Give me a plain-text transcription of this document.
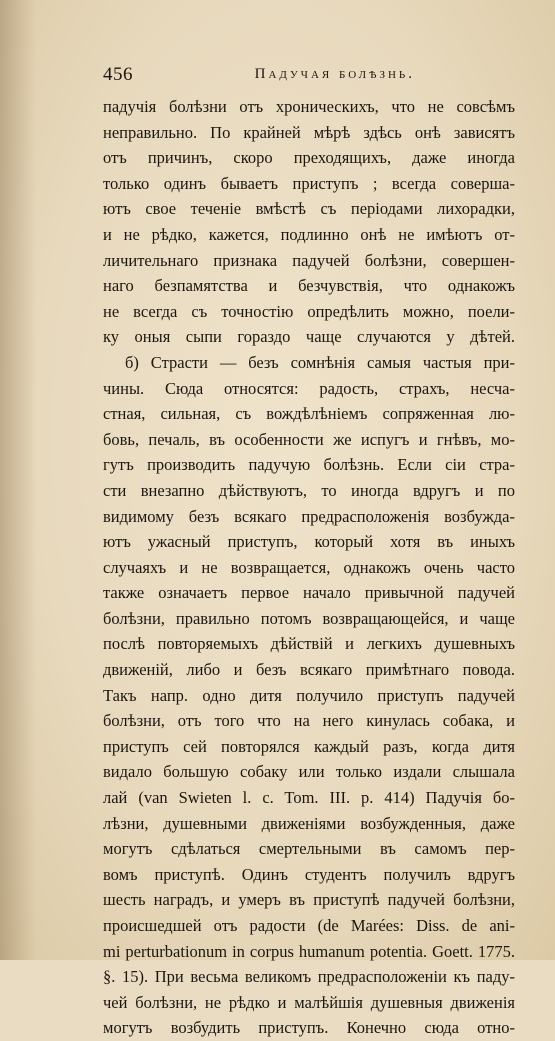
456	Падучая болѣзнь.
падучія болѣзни отъ хроническихъ, что не совсѣмъ
неправильно. По крайней мѣрѣ здѣсь онѣ зависятъ
отъ причинъ, скоро преходящихъ, даже иногда
только одинъ бываетъ приступъ ; всегда соверша-
ютъ свое теченіе вмѣстѣ съ періодами лихорадки,
и не рѣдко, кажется, подлинно онѣ не имѣютъ от-
личительнаго признака падучей болѣзни, совершен-
наго безпамятства и безчувствія, что однакожъ
не всегда съ точностію опредѣлить можно, поели-
ку оныя сыпи гораздо чаще случаются у дѣтей.
б) Страсти — безъ сомнѣнія самыя частыя при-
чины. Сюда относятся: радость, страхъ, несча-
стная, сильная, съ вождѣлѣніемъ сопряженная лю-
бовь, печаль, въ особенности же испугъ и гнѣвъ, мо-
гутъ производить падучую болѣзнь. Если сіи стра-
сти внезапно дѣйствуютъ, то иногда вдругъ и по
видимому безъ всякаго предрасположенія возбужда-
ютъ ужасный приступъ, который хотя въ иныхъ
случаяхъ и не возвращается, однакожъ очень часто
также означаетъ первое начало привычной падучей
болѣзни, правильно потомъ возвращающейся, и чаще
послѣ повторяемыхъ дѣйствій и легкихъ душевныхъ
движеній, либо и безъ всякаго примѣтнаго повода.
Такъ напр. одно дитя получило приступъ падучей
болѣзни, отъ того что на него кинулась собака, и
приступъ сей повторялся каждый разъ, когда дитя
видало большую собаку или только издали слышала
лай (van Swieten l. c. Tom. III. p. 414) Падучія бо-
лѣзни, душевными движеніями возбужденныя, даже
могутъ сдѣлаться смертельными въ самомъ пер-
вомъ приступѣ. Одинъ студентъ получилъ вдругъ
шесть наградъ, и умеръ въ приступѣ падучей болѣзни,
происшедшей отъ радости (de Marées: Diss. de ani-
mi perturbationum in corpus humanum potentia. Goett. 1775.
§. 15). При весьма великомъ предрасположеніи къ паду-
чей болѣзни, не рѣдко и малѣйшія душевныя движенія
могутъ возбудить приступъ. Конечно сюда отно-
